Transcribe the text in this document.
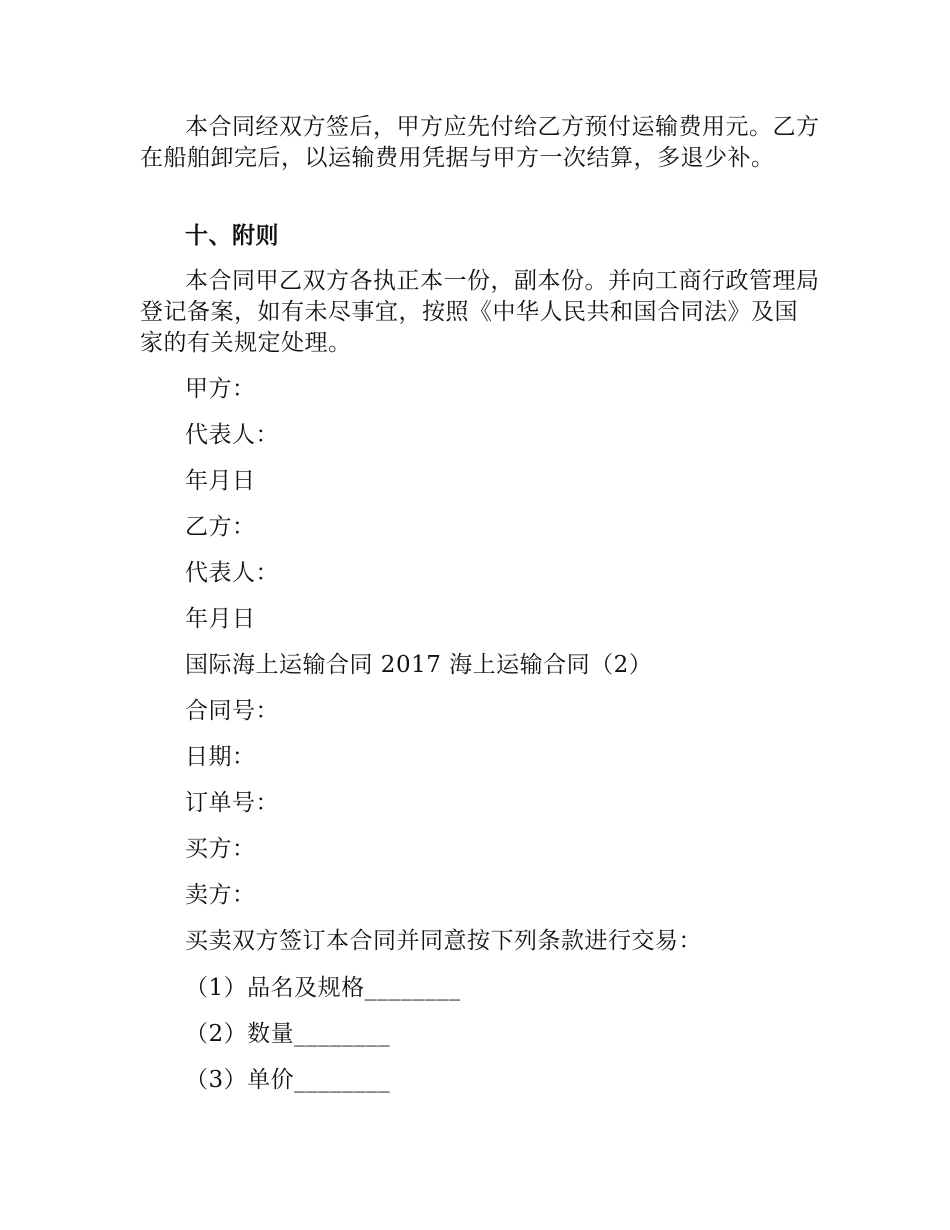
本合同经双方签后，甲方应先付给乙方预付运输费用元。乙方在船舶卸完后，以运输费用凭据与甲方一次结算，多退少补。

十、附则

本合同甲乙双方各执正本一份，副本份。并向工商行政管理局登记备案，如有未尽事宜，按照《中华人民共和国合同法》及国家的有关规定处理。

甲方：

代表人：

年月日

乙方：

代表人：

年月日

国际海上运输合同 2017 海上运输合同（2）

合同号：

日期：

订单号：

买方：

卖方：

买卖双方签订本合同并同意按下列条款进行交易：

（1）品名及规格________

（2）数量________

（3）单价________
